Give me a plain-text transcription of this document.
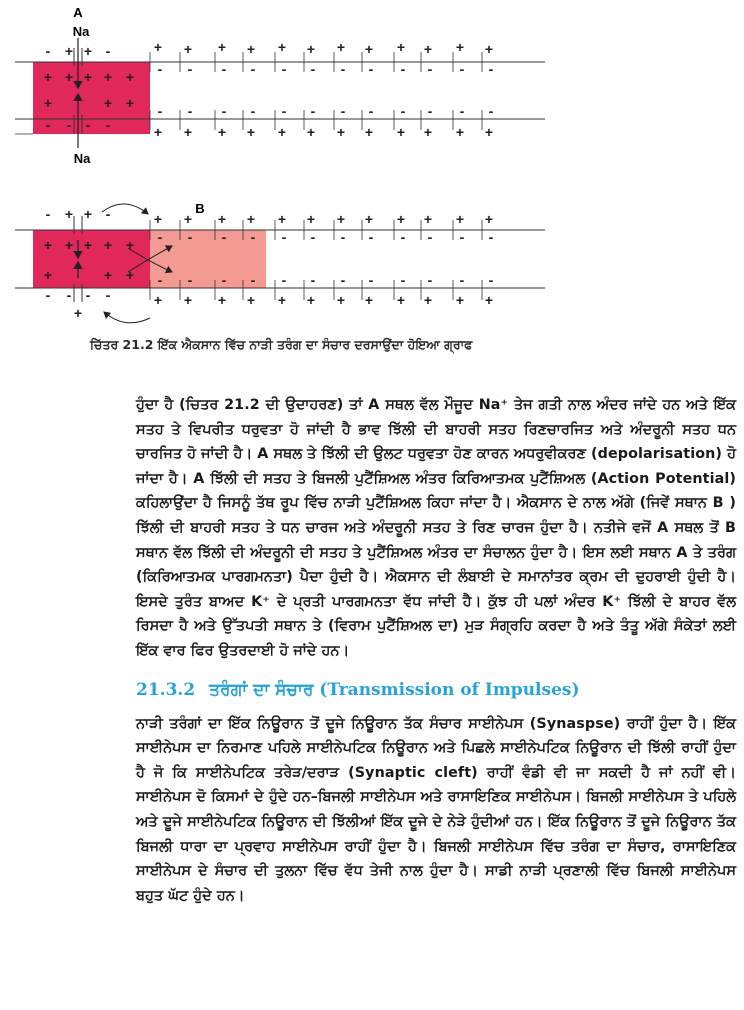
A
Na
Na
B
- + + -
+ + + + +
+	+ +
- - - -
+ + + + + + + + + + + +
- - - - - - - - - - - -
- - - - - - - - - - - -
+ + + + + + + + + + + +
- + + -
+ + + + +
+	+ +
- - - -
+
+ + + + + + + + + + + +
- - - - - - - - - - - -
- - - - - - - - - - - -
+ + + + + + + + + + + +
ਚਿੱਤਰ 21.2 ਇੱਕ ਐਕਸਾਨ ਵਿੱਚ ਨਾੜੀ ਤਰੰਗ ਦਾ ਸੰਚਾਰ ਦਰਸਾਉਂਦਾ ਹੋਇਆ ਗ੍ਰਾਫ

ਹੁੰਦਾ ਹੈ (ਚਿਤਰ 21.2 ਦੀ ਉਦਾਹਰਣ) ਤਾਂ A ਸਥਲ ਵੱਲ ਮੌਜੂਦ Na⁺ ਤੇਜ ਗਤੀ ਨਾਲ ਅੰਦਰ ਜਾਂਦੇ ਹਨ ਅਤੇ ਇੱਕ ਸਤਹ ਤੇ ਵਿਪਰੀਤ ਧਰੁਵਤਾ ਹੋ ਜਾਂਦੀ ਹੈ ਭਾਵ ਝਿੱਲੀ ਦੀ ਬਾਹਰੀ ਸਤਹ ਰਿਣਚਾਰਜਿਤ ਅਤੇ ਅੰਦਰੂਨੀ ਸਤਹ ਧਨ ਚਾਰਜਿਤ ਹੋ ਜਾਂਦੀ ਹੈ। A ਸਥਲ ਤੇ ਝਿੱਲੀ ਦੀ ਉਲਟ ਧਰੁਵਤਾ ਹੋਣ ਕਾਰਨ ਅਧਰੁਵੀਕਰਣ (depolarisation) ਹੋ ਜਾਂਦਾ ਹੈ। A ਝਿੱਲੀ ਦੀ ਸਤਹ ਤੇ ਬਿਜਲੀ ਪੁਟੈਂਸ਼ਿਅਲ ਅੰਤਰ ਕਿਰਿਆਤਮਕ ਪੁਟੈਂਸ਼ਿਅਲ (Action Potential) ਕਹਿਲਾਉਂਦਾ ਹੈ ਜਿਸਨੂੰ ਤੱਥ ਰੂਪ ਵਿੱਚ ਨਾੜੀ ਪੁਟੈਂਸ਼ਿਅਲ ਕਿਹਾ ਜਾਂਦਾ ਹੈ। ਐਕਸਾਨ ਦੇ ਨਾਲ ਅੱਗੇ (ਜਿਵੇਂ ਸਥਾਨ B ) ਝਿੱਲੀ ਦੀ ਬਾਹਰੀ ਸਤਹ ਤੇ ਧਨ ਚਾਰਜ ਅਤੇ ਅੰਦਰੂਨੀ ਸਤਹ ਤੇ ਰਿਣ ਚਾਰਜ ਹੁੰਦਾ ਹੈ। ਨਤੀਜੇ ਵਜੋਂ A ਸਥਲ ਤੋਂ B ਸਥਾਨ ਵੱਲ ਝਿੱਲੀ ਦੀ ਅੰਦਰੂਨੀ ਦੀ ਸਤਹ ਤੇ ਪੁਟੈਂਸ਼ਿਅਲ ਅੰਤਰ ਦਾ ਸੰਚਾਲਨ ਹੁੰਦਾ ਹੈ। ਇਸ ਲਈ ਸਥਾਨ A ਤੇ ਤਰੰਗ (ਕਿਰਿਆਤਮਕ ਪਾਰਗਮਨਤਾ) ਪੈਦਾ ਹੁੰਦੀ ਹੈ। ਐਕਸਾਨ ਦੀ ਲੰਬਾਈ ਦੇ ਸਮਾਨਾਂਤਰ ਕ੍ਰਮ ਦੀ ਦੁਹਰਾਈ ਹੁੰਦੀ ਹੈ। ਇਸਦੇ ਤੁਰੰਤ ਬਾਅਦ K⁺ ਦੇ ਪ੍ਰਤੀ ਪਾਰਗਮਨਤਾ ਵੱਧ ਜਾਂਦੀ ਹੈ। ਕੁੱਝ ਹੀ ਪਲਾਂ ਅੰਦਰ K⁺ ਝਿੱਲੀ ਦੇ ਬਾਹਰ ਵੱਲ ਰਿਸਦਾ ਹੈ ਅਤੇ ਉੱਤਪਤੀ ਸਥਾਨ ਤੇ (ਵਿਰਾਮ ਪੁਟੈਂਸ਼ਿਅਲ ਦਾ) ਮੁੜ ਸੰਗ੍ਰਹਿ ਕਰਦਾ ਹੈ ਅਤੇ ਤੰਤੂ ਅੱਗੇ ਸੰਕੇਤਾਂ ਲਈ ਇੱਕ ਵਾਰ ਫਿਰ ਉਤਰਦਾਈ ਹੋ ਜਾਂਦੇ ਹਨ।

21.3.2 ਤਰੰਗਾਂ ਦਾ ਸੰਚਾਰ (Transmission of Impulses)

ਨਾੜੀ ਤਰੰਗਾਂ ਦਾ ਇੱਕ ਨਿਊਰਾਨ ਤੋਂ ਦੂਜੇ ਨਿਊਰਾਨ ਤੱਕ ਸੰਚਾਰ ਸਾਈਨੇਪਸ (Synaspse) ਰਾਹੀਂ ਹੁੰਦਾ ਹੈ। ਇੱਕ ਸਾਈਨੇਪਸ ਦਾ ਨਿਰਮਾਣ ਪਹਿਲੇ ਸਾਈਨੇਪਟਿਕ ਨਿਊਰਾਨ ਅਤੇ ਪਿਛਲੇ ਸਾਈਨੇਪਟਿਕ ਨਿਊਰਾਨ ਦੀ ਝਿੱਲੀ ਰਾਹੀਂ ਹੁੰਦਾ ਹੈ ਜੋ ਕਿ ਸਾਈਨੇਪਟਿਕ ਤਰੇੜ/ਦਰਾੜ (Synaptic cleft) ਰਾਹੀਂ ਵੰਡੀ ਵੀ ਜਾ ਸਕਦੀ ਹੈ ਜਾਂ ਨਹੀਂ ਵੀ। ਸਾਈਨੇਪਸ ਦੋ ਕਿਸਮਾਂ ਦੇ ਹੁੰਦੇ ਹਨ–ਬਿਜਲੀ ਸਾਈਨੇਪਸ ਅਤੇ ਰਾਸਾਇਣਿਕ ਸਾਈਨੇਪਸ। ਬਿਜਲੀ ਸਾਈਨੇਪਸ ਤੇ ਪਹਿਲੇ ਅਤੇ ਦੂਜੇ ਸਾਈਨੇਪਟਿਕ ਨਿਊਰਾਨ ਦੀ ਝਿੱਲੀਆਂ ਇੱਕ ਦੂਜੇ ਦੇ ਨੇੜੇ ਹੁੰਦੀਆਂ ਹਨ। ਇੱਕ ਨਿਊਰਾਨ ਤੋਂ ਦੂਜੇ ਨਿਊਰਾਨ ਤੱਕ ਬਿਜਲੀ ਧਾਰਾ ਦਾ ਪ੍ਰਵਾਹ ਸਾਈਨੇਪਸ ਰਾਹੀਂ ਹੁੰਦਾ ਹੈ। ਬਿਜਲੀ ਸਾਈਨੇਪਸ ਵਿੱਚ ਤਰੰਗ ਦਾ ਸੰਚਾਰ, ਰਾਸਾਇਣਿਕ ਸਾਈਨੇਪਸ ਦੇ ਸੰਚਾਰ ਦੀ ਤੁਲਨਾ ਵਿੱਚ ਵੱਧ ਤੇਜੀ ਨਾਲ ਹੁੰਦਾ ਹੈ। ਸਾਡੀ ਨਾੜੀ ਪ੍ਰਣਾਲੀ ਵਿੱਚ ਬਿਜਲੀ ਸਾਈਨੇਪਸ ਬਹੁਤ ਘੱਟ ਹੁੰਦੇ ਹਨ।
